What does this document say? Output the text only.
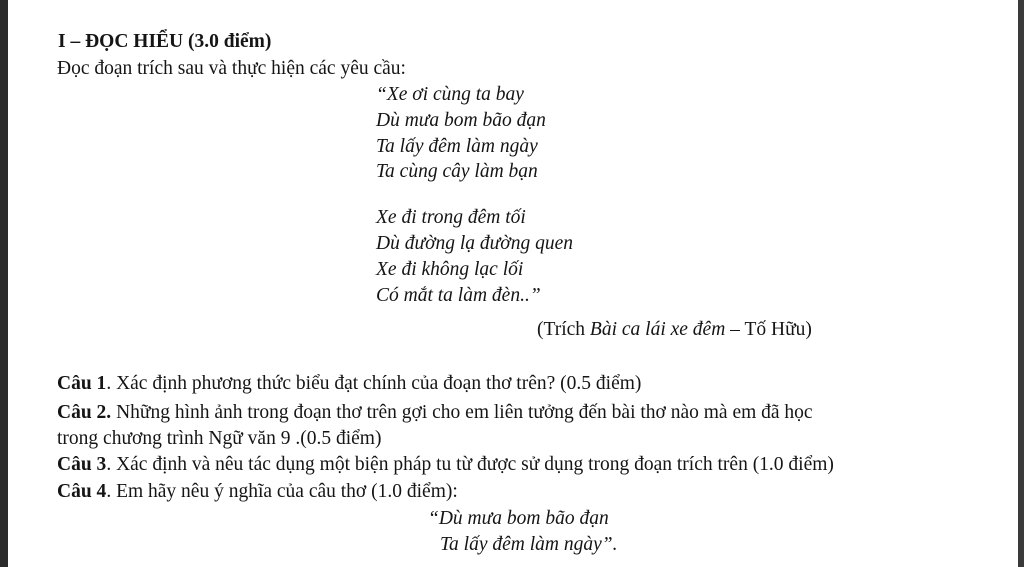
I – ĐỌC HIỂU (3.0 điểm)
Đọc đoạn trích sau và thực hiện các yêu cầu:
“Xe ơi cùng ta bay
Dù mưa bom bão đạn
Ta lấy đêm làm ngày
Ta cùng cây làm bạn
Xe đi trong đêm tối
Dù đường lạ đường quen
Xe đi không lạc lối
Có mắt ta làm đèn..”
(Trích Bài ca lái xe đêm – Tố Hữu)
Câu 1. Xác định phương thức biểu đạt chính của đoạn thơ trên? (0.5 điểm)
Câu 2. Những hình ảnh trong đoạn thơ trên gợi cho em liên tưởng đến bài thơ nào mà em đã học
trong chương trình Ngữ văn 9 .(0.5 điểm)
Câu 3. Xác định và nêu tác dụng một biện pháp tu từ được sử dụng trong đoạn trích trên (1.0 điểm)
Câu 4. Em hãy nêu ý nghĩa của câu thơ (1.0 điểm):
“Dù mưa bom bão đạn
Ta lấy đêm làm ngày”.
